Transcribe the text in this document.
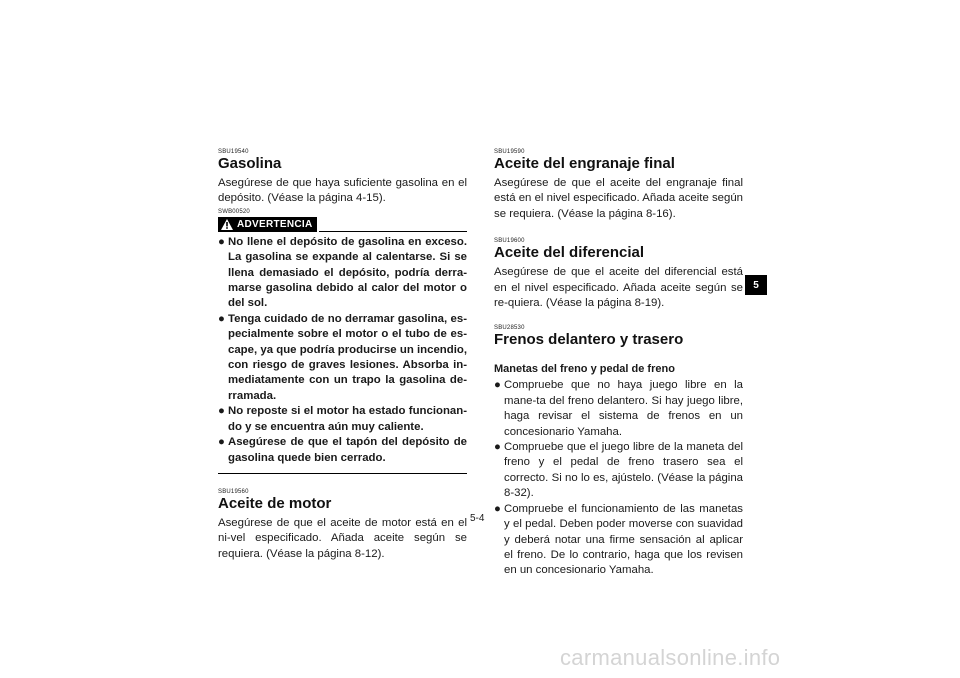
SBU19540
Gasolina

Asegúrese de que haya suficiente gasolina en el depósito. (Véase la página 4-15).

SWB00520
ADVERTENCIA
● No llene el depósito de gasolina en exceso. La gasolina se expande al calentarse. Si se llena demasiado el depósito, podría derra-marse gasolina debido al calor del motor o del sol.
● Tenga cuidado de no derramar gasolina, es-pecialmente sobre el motor o el tubo de es-cape, ya que podría producirse un incendio, con riesgo de graves lesiones. Absorba in-mediatamente con un trapo la gasolina de-rramada.
● No reposte si el motor ha estado funcionan-do y se encuentra aún muy caliente.
● Asegúrese de que el tapón del depósito de gasolina quede bien cerrado.
SBU19560
Aceite de motor

Asegúrese de que el aceite de motor está en el ni-vel especificado. Añada aceite según se requiera. (Véase la página 8-12).

SBU19590
Aceite del engranaje final

Asegúrese de que el aceite del engranaje final está en el nivel especificado. Añada aceite según se requiera. (Véase la página 8-16).

SBU19600
Aceite del diferencial

Asegúrese de que el aceite del diferencial está en el nivel especificado. Añada aceite según se re-quiera. (Véase la página 8-19).

SBU28530
Frenos delantero y trasero
Manetas del freno y pedal de freno
● Compruebe que no haya juego libre en la mane-ta del freno delantero. Si hay juego libre, haga revisar el sistema de frenos en un concesionario Yamaha.
● Compruebe que el juego libre de la maneta del freno y el pedal de freno trasero sea el correcto. Si no lo es, ajústelo. (Véase la página 8-32).
● Compruebe el funcionamiento de las manetas y el pedal. Deben poder moverse con suavidad y deberá notar una firme sensación al aplicar el freno. De lo contrario, haga que los revisen en un concesionario Yamaha.
5
5-4
carmanualsonline.info
